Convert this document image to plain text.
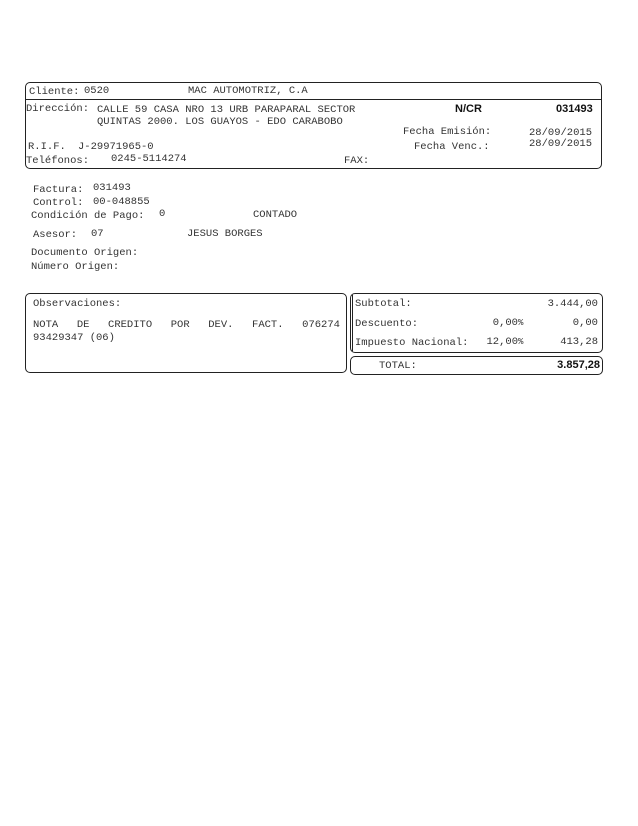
Cliente: 0520	MAC AUTOMOTRIZ, C.A
Dirección: CALLE 59 CASA NRO 13 URB PARAPARAL SECTOR
QUINTAS 2000. LOS GUAYOS - EDO CARABOBO
N/CR	031493
Fecha Emisión:	28/09/2015
Fecha Venc.:	28/09/2015
R.I.F. J-29971965-0
Teléfonos: 0245-5114274	FAX:
Factura: 031493
Control: 00-048855
Condición de Pago: 0	CONTADO
Asesor: 07	JESUS BORGES
Documento Origen:
Número Origen:
Observaciones:
NOTA DE CREDITO POR DEV. FACT. 076274
93429347 (06)
Subtotal:	3.444,00
Descuento:	0,00 %	0,00
Impuesto Nacional: 12,00 %	413,28
TOTAL:	3.857,28
